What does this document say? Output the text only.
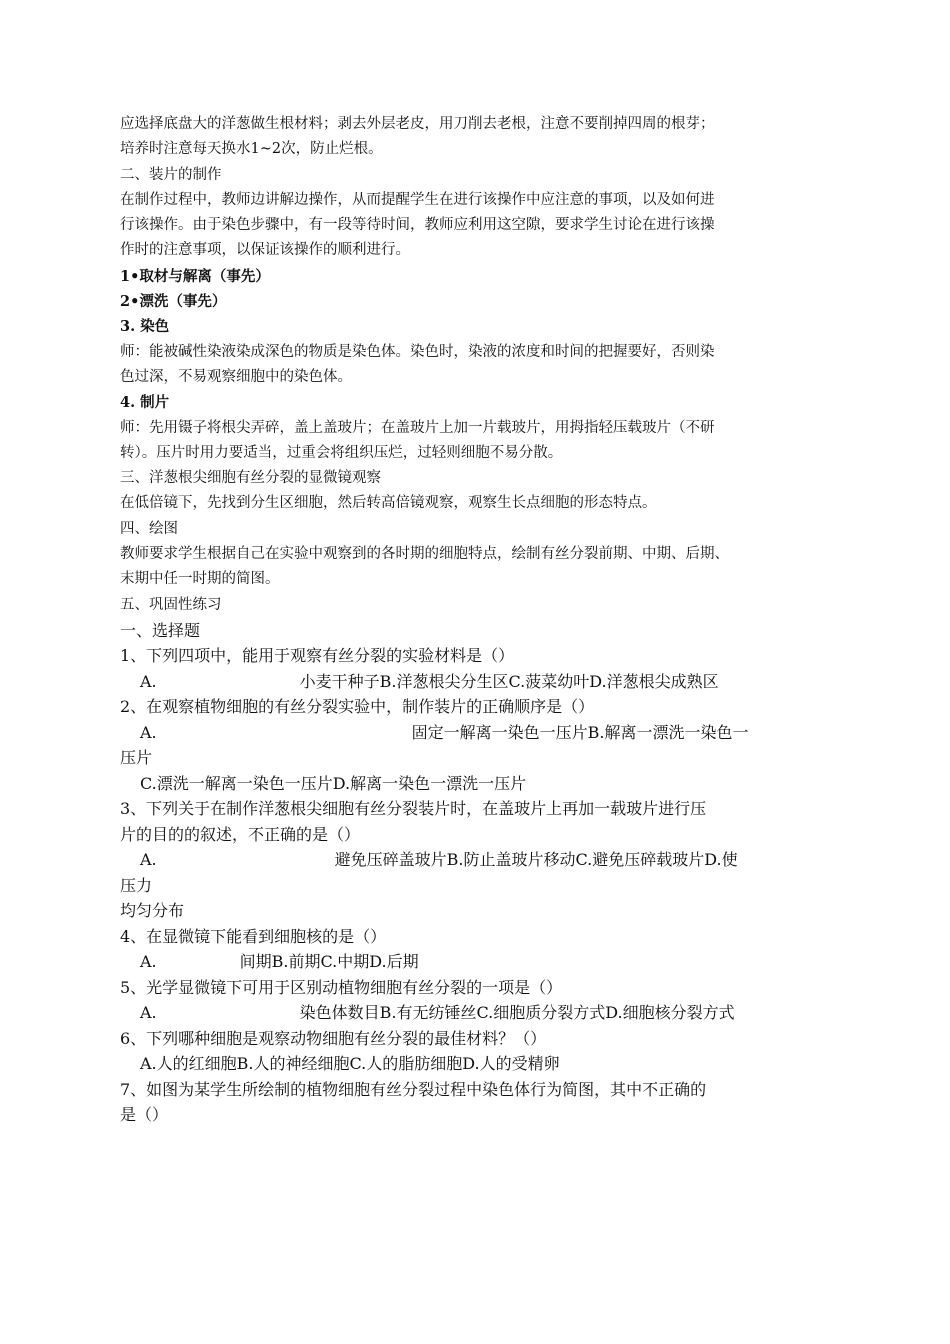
应选择底盘大的洋葱做生根材料；剥去外层老皮，用刀削去老根，注意不要削掉四周的根芽；
培养时注意每天换水1~2次，防止烂根。
二、装片的制作
在制作过程中，教师边讲解边操作，从而提醒学生在进行该操作中应注意的事项，以及如何进
行该操作。由于染色步骤中，有一段等待时间，教师应利用这空隙，要求学生讨论在进行该操
作时的注意事项，以保证该操作的顺利进行。
1•取材与解离（事先）
2•漂洗（事先）
3. 染色
师：能被碱性染液染成深色的物质是染色体。染色时，染液的浓度和时间的把握要好，否则染
色过深，不易观察细胞中的染色体。
4. 制片
师：先用镊子将根尖弄碎，盖上盖玻片；在盖玻片上加一片载玻片，用拇指轻压载玻片（不研
转）。压片时用力要适当，过重会将组织压烂，过轻则细胞不易分散。
三、洋葱根尖细胞有丝分裂的显微镜观察
在低倍镜下，先找到分生区细胞，然后转高倍镜观察，观察生长点细胞的形态特点。
四、绘图
教师要求学生根据自己在实验中观察到的各时期的细胞特点，绘制有丝分裂前期、中期、后期、
末期中任一时期的简图。
五、巩固性练习
一、选择题
1、下列四项中，能用于观察有丝分裂的实验材料是（）
A.	小麦干种子B.洋葱根尖分生区C.菠菜幼叶D.洋葱根尖成熟区
2、在观察植物细胞的有丝分裂实验中，制作装片的正确顺序是（）
A.	固定一解离一染色一压片B.解离一漂洗一染色一
压片
C.漂洗一解离一染色一压片D.解离一染色一漂洗一压片
3、下列关于在制作洋葱根尖细胞有丝分裂装片时，在盖玻片上再加一载玻片进行压
片的目的的叙述，不正确的是（）
A.	避免压碎盖玻片B.防止盖玻片移动C.避免压碎载玻片D.使
压力
均匀分布
4、在显微镜下能看到细胞核的是（）
A.	间期B.前期C.中期D.后期
5、光学显微镜下可用于区别动植物细胞有丝分裂的一项是（）
A.	染色体数目B.有无纺锤丝C.细胞质分裂方式D.细胞核分裂方式
6、下列哪种细胞是观察动物细胞有丝分裂的最佳材料？（）
A.人的红细胞B.人的神经细胞C.人的脂肪细胞D.人的受精卵
7、如图为某学生所绘制的植物细胞有丝分裂过程中染色体行为简图，其中不正确的
是（）
